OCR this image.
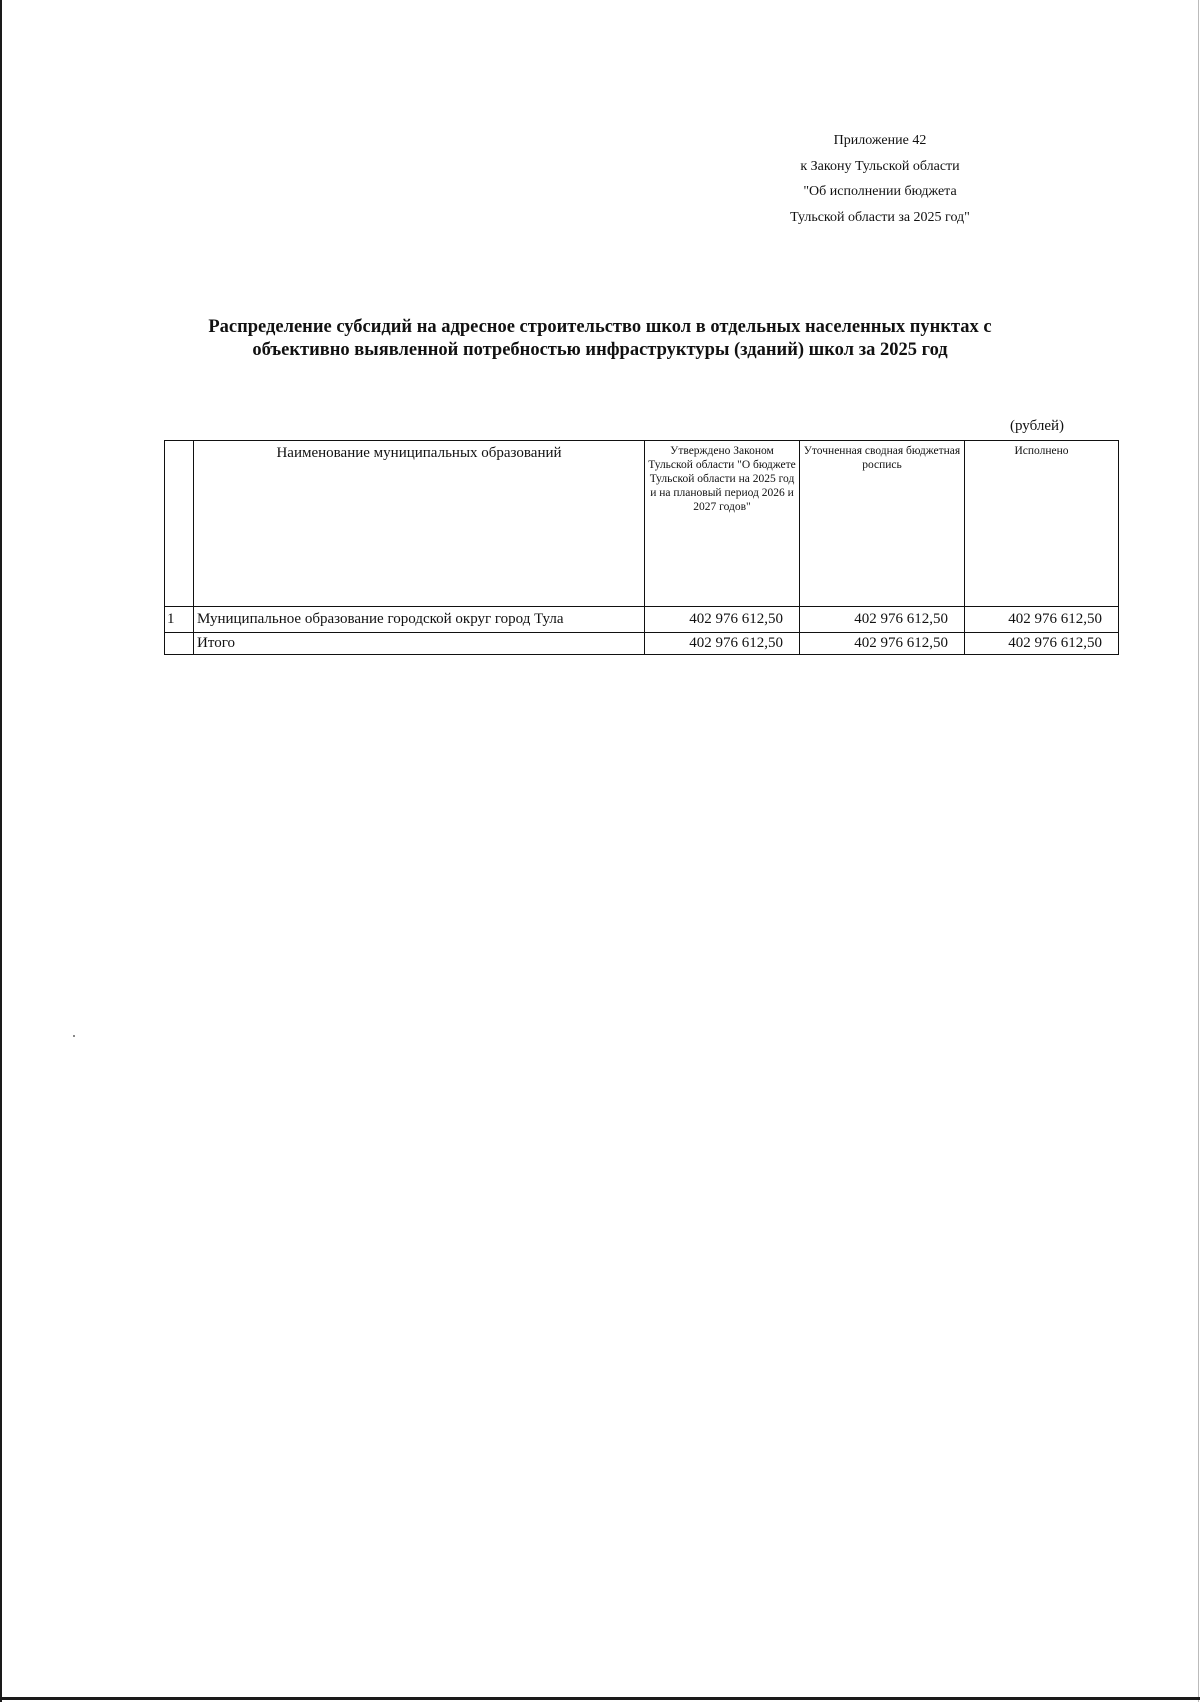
Приложение 42
к Закону Тульской области
"Об исполнении бюджета
Тульской области за 2025 год"
Распределение субсидий на адресное строительство школ в отдельных населенных пунктах с
объективно выявленной потребностью инфраструктуры (зданий) школ за 2025 год
(рублей)
	Наименование муниципальных образований	Утверждено Законом Тульской области "О бюджете Тульской области на 2025 год и на плановый период 2026 и 2027 годов"	Уточненная сводная бюджетная роспись	Исполнено
1	Муниципальное образование городской округ город Тула	402 976 612,50	402 976 612,50	402 976 612,50
	Итого	402 976 612,50	402 976 612,50	402 976 612,50
